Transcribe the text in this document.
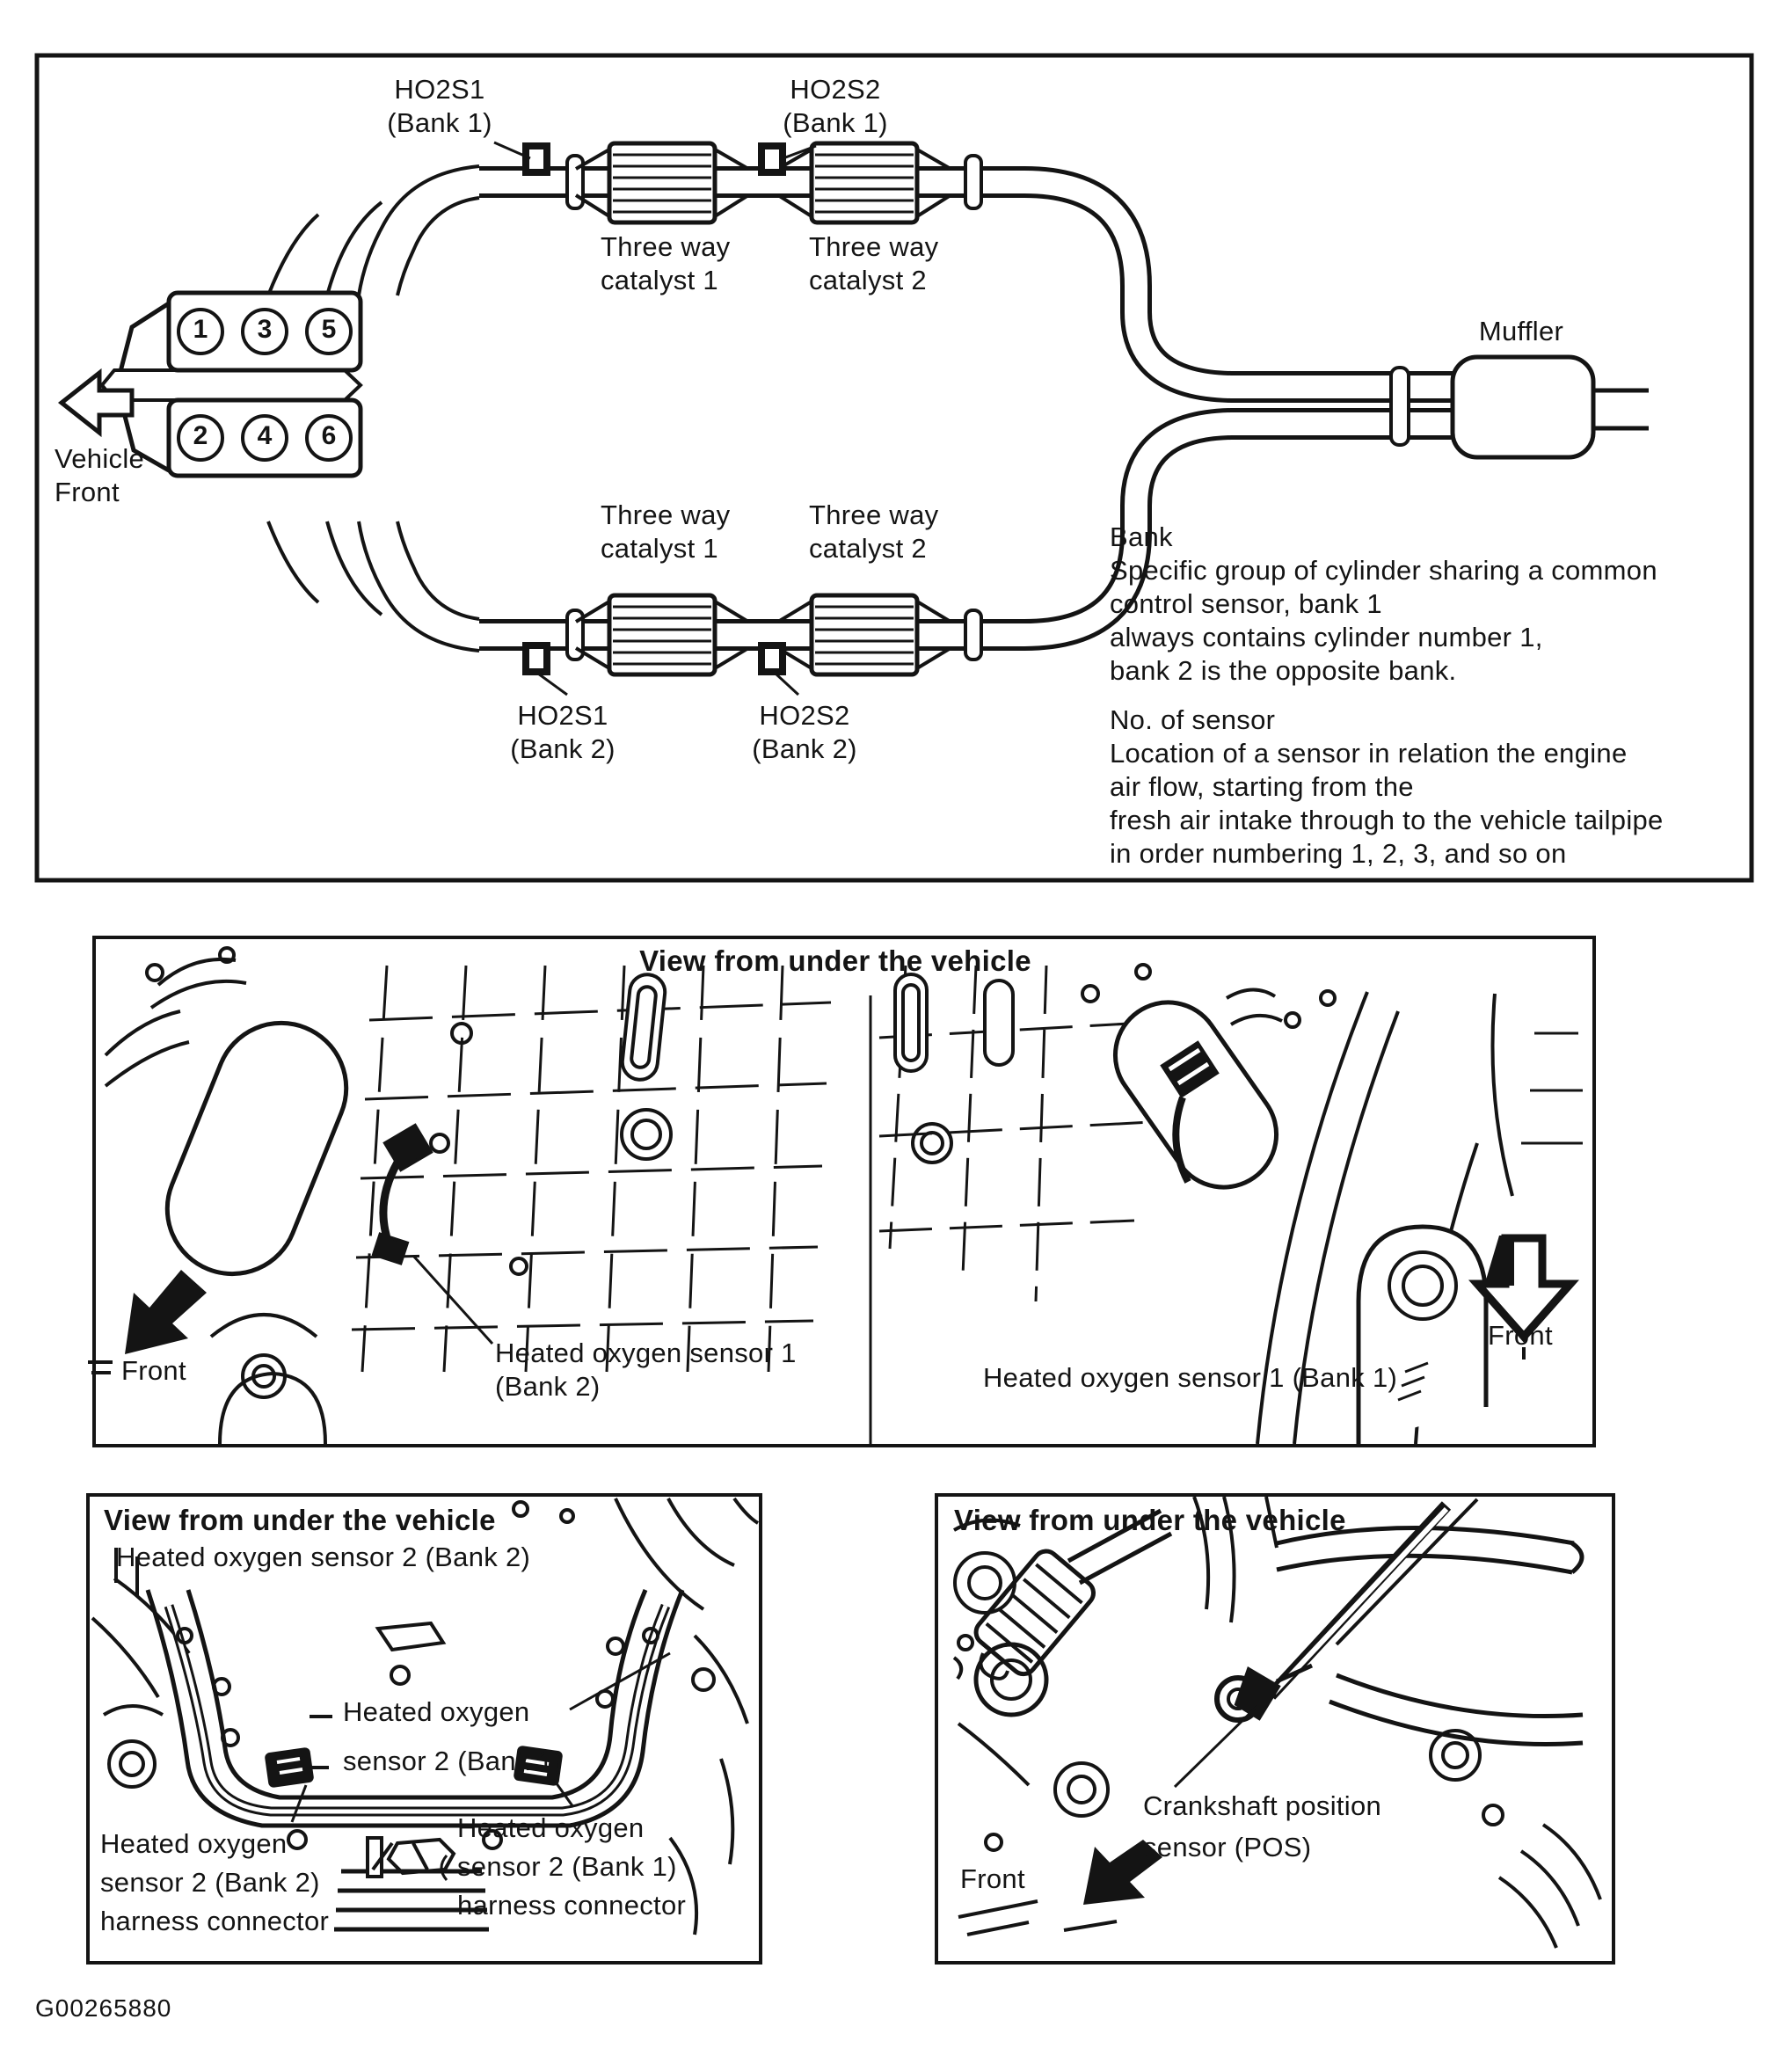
HO2S1
(Bank 1)
HO2S2
(Bank 1)
Three way
catalyst 1
Three way
catalyst 2
Muffler
Vehicle
Front
Three way
catalyst 1
Three way
catalyst 2
HO2S1
(Bank 2)
HO2S2
(Bank 2)
1	3	5
2	4	6
Bank
Specific group of cylinder sharing a common
control sensor, bank 1
always contains cylinder number 1,
bank 2 is the opposite bank.
No. of sensor
Location of a sensor in relation the engine
air flow, starting from the
fresh air intake through to the vehicle tailpipe
in order numbering 1, 2, 3, and so on
View from under the vehicle
Heated oxygen sensor 1
(Bank 2)
Front	Heated oxygen sensor 1 (Bank 1)
Front
View from under the vehicle
Heated oxygen sensor 2 (Bank 2)
Heated oxygen
sensor 2 (Bank 1)
Heated oxygen
sensor 2 (Bank 2)
harness connector
Heated oxygen
sensor 2 (Bank 1)
harness connector
View from under the vehicle
Crankshaft position
sensor (POS)
Front
G00265880
